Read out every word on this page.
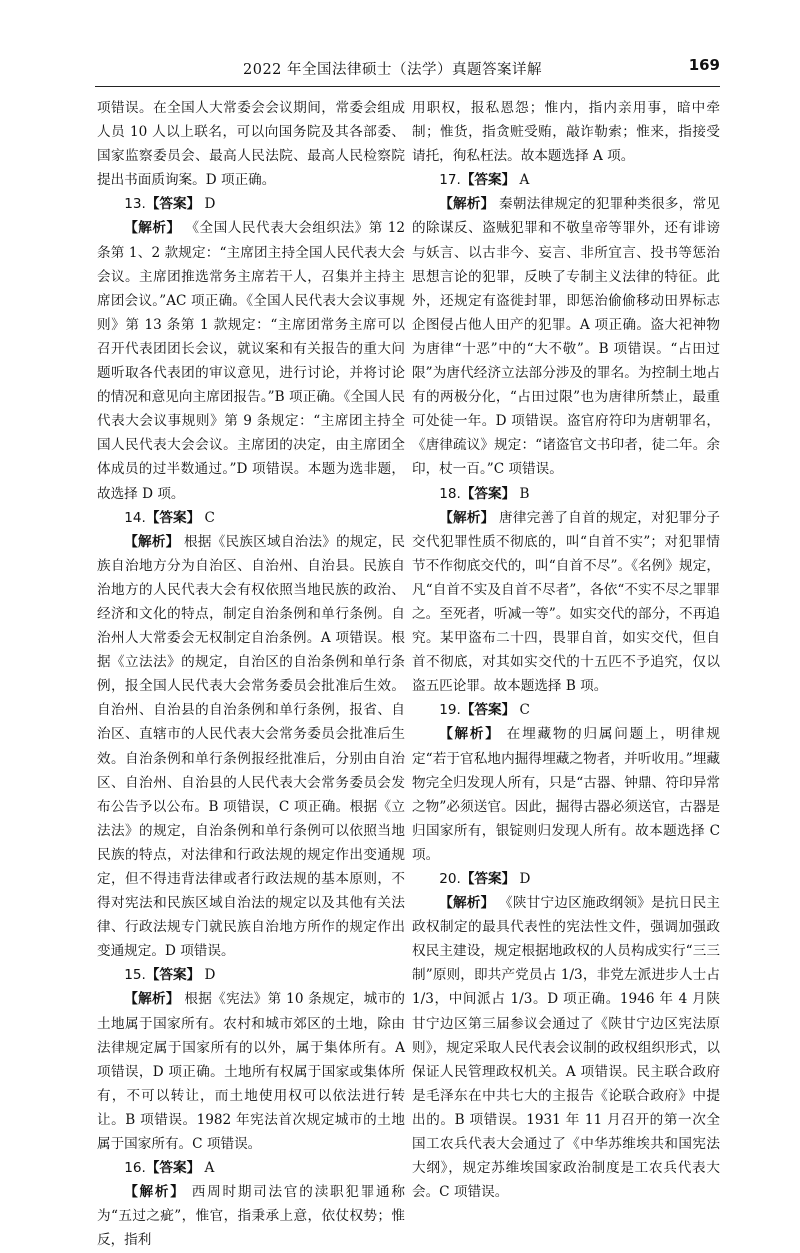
2022 年全国法律硕士（法学）真题答案详解	169

项错误。在全国人大常委会会议期间，常委会组成人员 10 人以上联名，可以向国务院及其各部委、国家监察委员会、最高人民法院、最高人民检察院提出书面质询案。D 项正确。

13.【答案】 D

【解析】 《全国人民代表大会组织法》第 12 条第 1、2 款规定：“主席团主持全国人民代表大会会议。主席团推选常务主席若干人，召集并主持主席团会议。”AC 项正确。《全国人民代表大会议事规则》第 13 条第 1 款规定：“主席团常务主席可以召开代表团团长会议，就议案和有关报告的重大问题听取各代表团的审议意见，进行讨论，并将讨论的情况和意见向主席团报告。”B 项正确。《全国人民代表大会议事规则》第 9 条规定：“主席团主持全国人民代表大会会议。主席团的决定，由主席团全体成员的过半数通过。”D 项错误。本题为选非题，故选择 D 项。

14.【答案】 C

【解析】 根据《民族区域自治法》的规定，民族自治地方分为自治区、自治州、自治县。民族自治地方的人民代表大会有权依照当地民族的政治、经济和文化的特点，制定自治条例和单行条例。自治州人大常委会无权制定自治条例。A 项错误。根据《立法法》的规定，自治区的自治条例和单行条例，报全国人民代表大会常务委员会批准后生效。自治州、自治县的自治条例和单行条例，报省、自治区、直辖市的人民代表大会常务委员会批准后生效。自治条例和单行条例报经批准后，分别由自治区、自治州、自治县的人民代表大会常务委员会发布公告予以公布。B 项错误，C 项正确。根据《立法法》的规定，自治条例和单行条例可以依照当地民族的特点，对法律和行政法规的规定作出变通规定，但不得违背法律或者行政法规的基本原则，不得对宪法和民族区域自治法的规定以及其他有关法律、行政法规专门就民族自治地方所作的规定作出变通规定。D 项错误。

15.【答案】 D

【解析】 根据《宪法》第 10 条规定，城市的土地属于国家所有。农村和城市郊区的土地，除由法律规定属于国家所有的以外，属于集体所有。A 项错误，D 项正确。土地所有权属于国家或集体所有，不可以转让，而土地使用权可以依法进行转让。B 项错误。1982 年宪法首次规定城市的土地属于国家所有。C 项错误。

16.【答案】 A

【解析】 西周时期司法官的渎职犯罪通称为“五过之疵”，惟官，指秉承上意，依仗权势；惟反，指利

用职权，报私恩怨；惟内，指内亲用事，暗中牵制；惟货，指贪赃受贿，敲诈勒索；惟来，指接受请托，徇私枉法。故本题选择 A 项。

17.【答案】 A

【解析】 秦朝法律规定的犯罪种类很多，常见的除谋反、盗贼犯罪和不敬皇帝等罪外，还有诽谤与妖言、以古非今、妄言、非所宜言、投书等惩治思想言论的犯罪，反映了专制主义法律的特征。此外，还规定有盗徙封罪，即惩治偷偷移动田界标志企图侵占他人田产的犯罪。A 项正确。盗大祀神物为唐律“十恶”中的“大不敬”。B 项错误。“占田过限”为唐代经济立法部分涉及的罪名。为控制土地占有的两极分化，“占田过限”也为唐律所禁止，最重可处徒一年。D 项错误。盗官府符印为唐朝罪名，《唐律疏议》规定：“诸盗官文书印者，徒二年。余印，杖一百。”C 项错误。

18.【答案】 B

【解析】 唐律完善了自首的规定，对犯罪分子交代犯罪性质不彻底的，叫“自首不实”；对犯罪情节不作彻底交代的，叫“自首不尽”。《名例》规定，凡“自首不实及自首不尽者”，各依“不实不尽之罪罪之。至死者，听减一等”。如实交代的部分，不再追究。某甲盗布二十四，畏罪自首，如实交代，但自首不彻底，对其如实交代的十五匹不予追究，仅以盗五匹论罪。故本题选择 B 项。

19.【答案】 C

【解析】 在埋藏物的归属问题上，明律规定“若于官私地内掘得埋藏之物者，并听收用。”埋藏物完全归发现人所有，只是“古器、钟鼎、符印异常之物”必须送官。因此，掘得古器必须送官，古器是归国家所有，银锭则归发现人所有。故本题选择 C 项。

20.【答案】 D

【解析】 《陕甘宁边区施政纲领》是抗日民主政权制定的最具代表性的宪法性文件，强调加强政权民主建设，规定根据地政权的人员构成实行“三三制”原则，即共产党员占 1/3，非党左派进步人士占 1/3，中间派占 1/3。D 项正确。1946 年 4 月陕甘宁边区第三届参议会通过了《陕甘宁边区宪法原则》，规定采取人民代表会议制的政权组织形式，以保证人民管理政权机关。A 项错误。民主联合政府是毛泽东在中共七大的主报告《论联合政府》中提出的。B 项错误。1931 年 11 月召开的第一次全国工农兵代表大会通过了《中华苏维埃共和国宪法大纲》，规定苏维埃国家政治制度是工农兵代表大会。C 项错误。
